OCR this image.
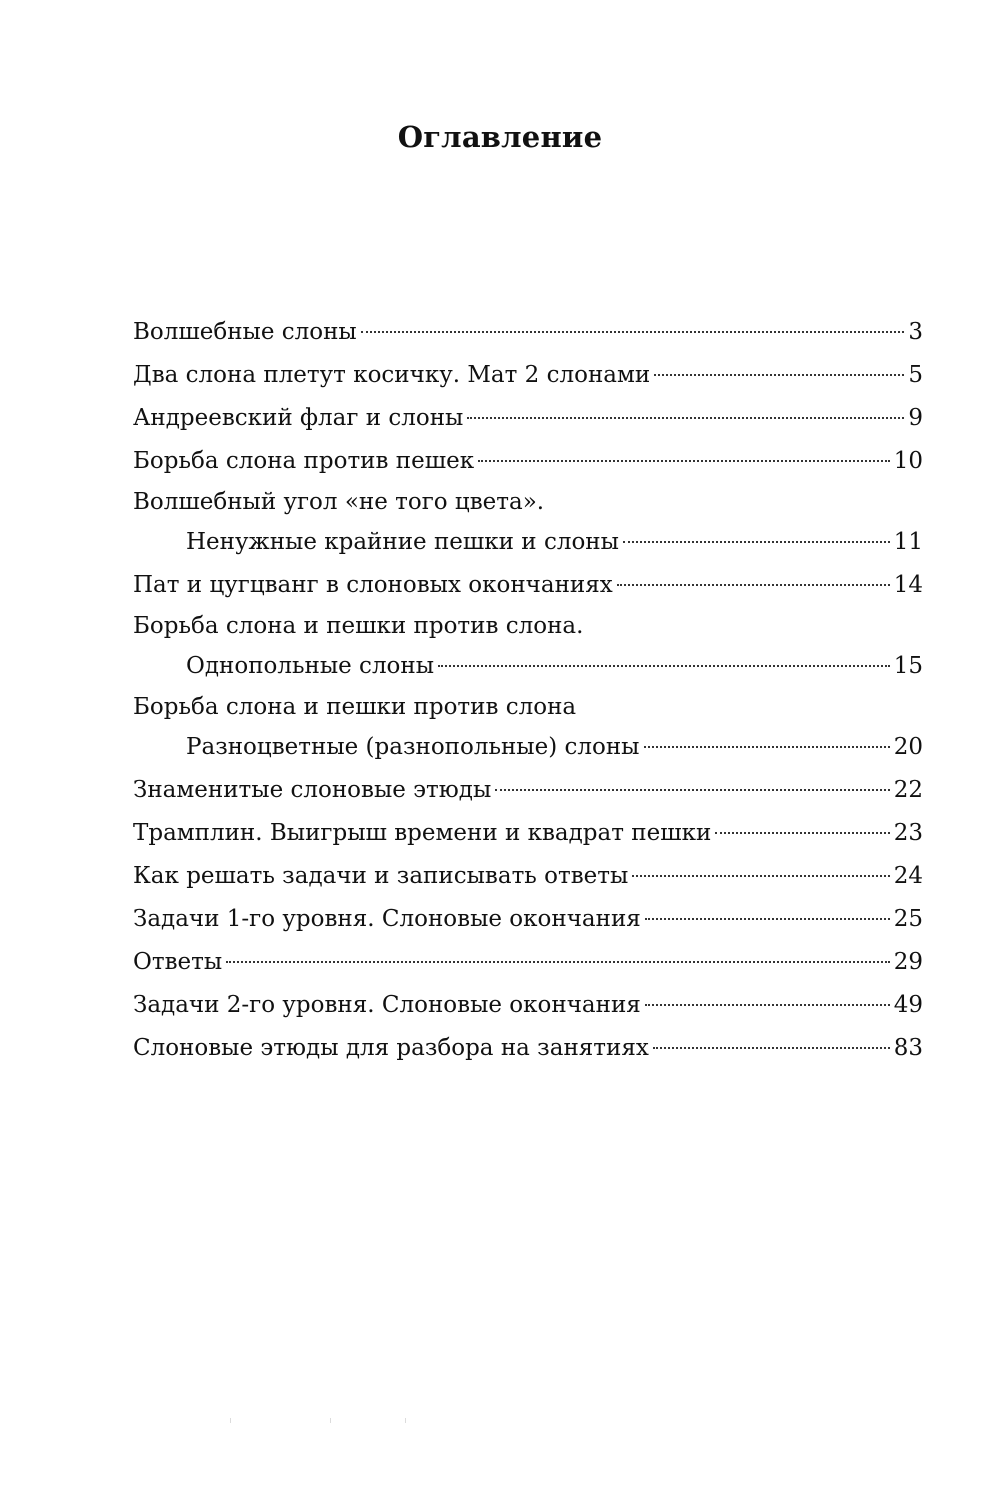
Оглавление
Волшебные слоны	3
Два слона плетут косичку. Мат 2 слонами	5
Андреевский флаг и слоны	9
Борьба слона против пешек	10
Волшебный угол «не того цвета».
Ненужные крайние пешки и слоны	11
Пат и цугцванг в слоновых окончаниях	14
Борьба слона и пешки против слона.
Однопольные слоны	15
Борьба слона и пешки против слона
Разноцветные (разнопольные) слоны	20
Знаменитые слоновые этюды	22
Трамплин. Выигрыш времени и квадрат пешки	23
Как решать задачи и записывать ответы	24
Задачи 1-го уровня. Слоновые окончания	25
Ответы	29
Задачи 2-го уровня. Слоновые окончания	49
Слоновые этюды для разбора на занятиях	83
